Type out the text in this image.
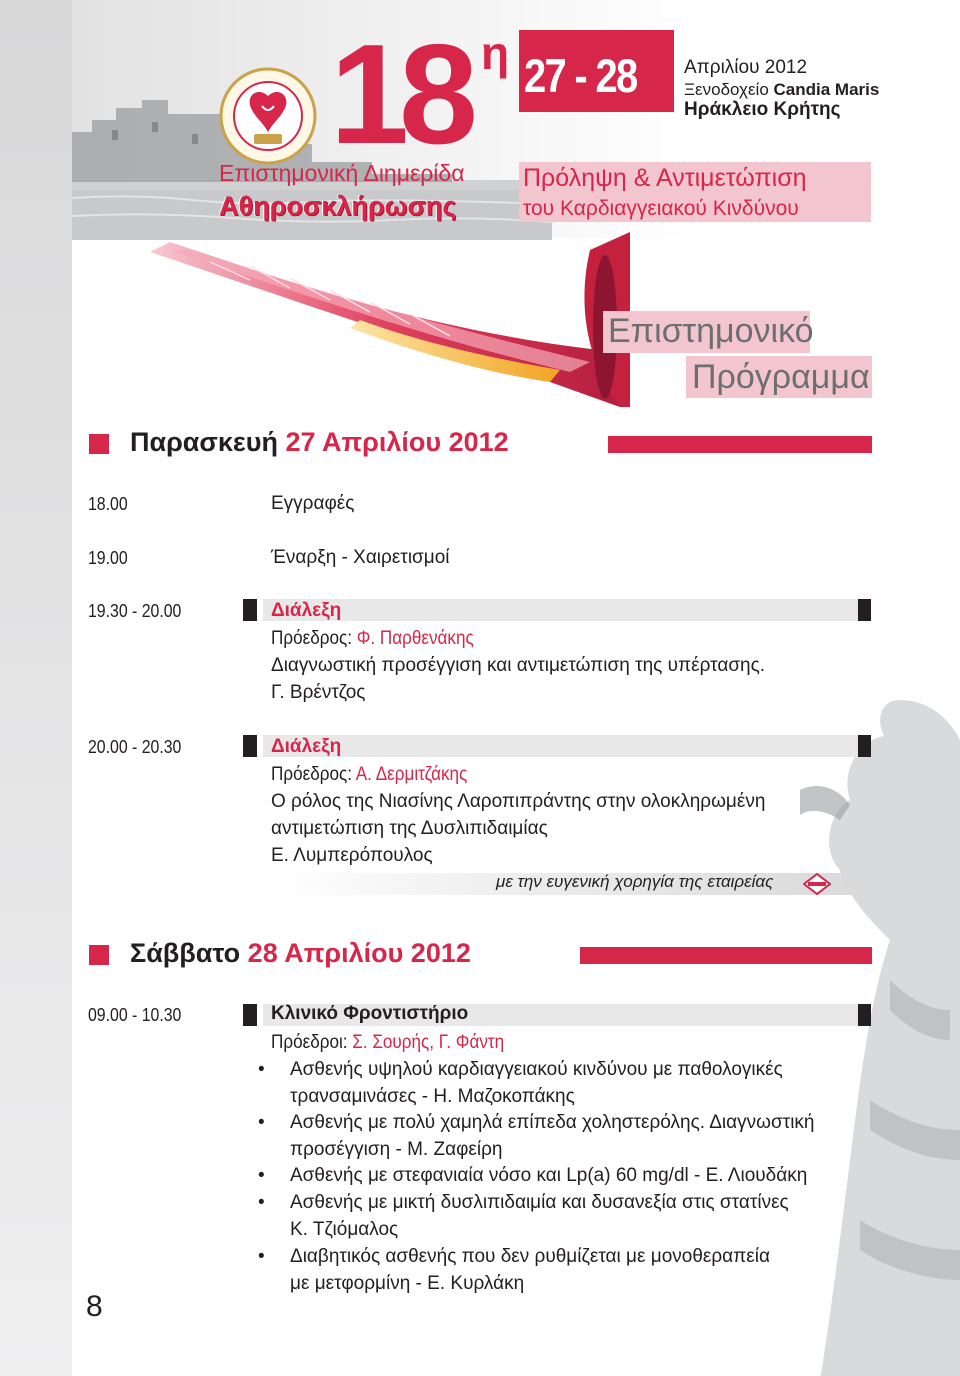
18 η
Επιστημονική Διημερίδα
Αθηροσκλήρωσης
27 - 28	Απριλίου 2012
Ξενοδοχείο Candia Maris
Ηράκλειο Κρήτης
Πρόληψη & Αντιμετώπιση
του Καρδιαγγειακού Κινδύνου
Επιστημονικό
Πρόγραμμα
Παρασκευή 27 Απριλίου 2012
18.00	Εγγραφές
19.00	Έναρξη - Χαιρετισμοί
19.30 - 20.00	Διάλεξη
Πρόεδρος: Φ. Παρθενάκης
Διαγνωστική προσέγγιση και αντιμετώπιση της υπέρτασης.
Γ. Βρέντζος
20.00 - 20.30	Διάλεξη
Πρόεδρος: Α. Δερμιτζάκης
Ο ρόλος της Νιασίνης Λαροπιπράντης στην ολοκληρωμένη
αντιμετώπιση της Δυσλιπιδαιμίας
Ε. Λυμπερόπουλος
με την ευγενική χορηγία της εταιρείας
Σάββατο 28 Απριλίου 2012
09.00 - 10.30	Κλινικό Φροντιστήριο
Πρόεδροι: Σ. Σουρής, Γ. Φάντη
• Ασθενής υψηλού καρδιαγγειακού κινδύνου με παθολογικές
τρανσαμινάσες - Η. Μαζοκοπάκης
• Ασθενής με πολύ χαμηλά επίπεδα χοληστερόλης. Διαγνωστική
προσέγγιση - Μ. Ζαφείρη
• Ασθενής με στεφανιαία νόσο και Lp(a) 60 mg/dl - Ε. Λιουδάκη
• Ασθενής με μικτή δυσλιπιδαιμία και δυσανεξία στις στατίνες
Κ. Τζιόμαλος
• Διαβητικός ασθενής που δεν ρυθμίζεται με μονοθεραπεία
με μετφορμίνη - Ε. Κυρλάκη
8
